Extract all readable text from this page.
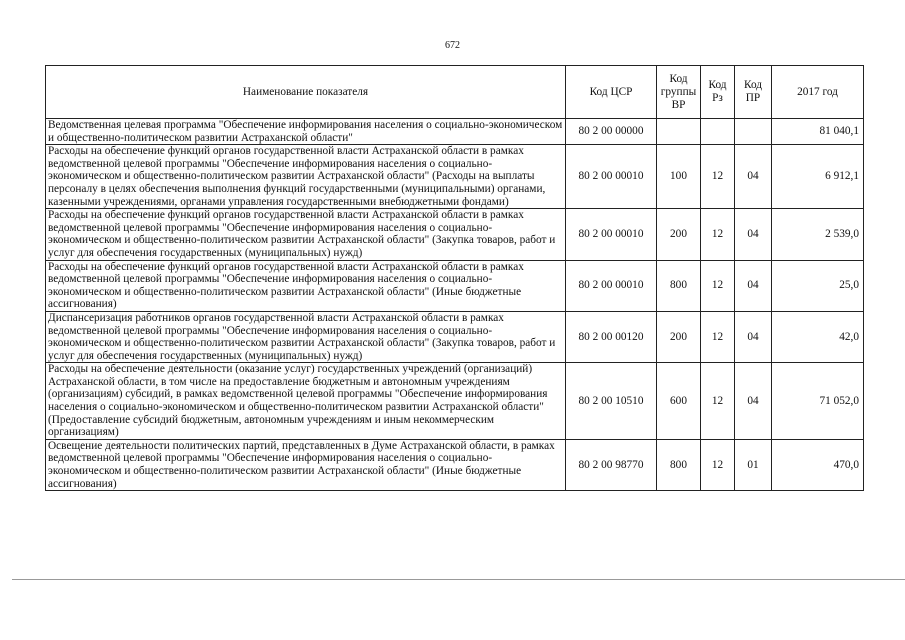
672
Наименование показателя	Код ЦСР	Код группы ВР	Код Рз	Код ПР	2017 год
Ведомственная целевая программа "Обеспечение информирования населения о социально-экономическом и общественно-политическом развитии Астраханской области"	80 2 00 00000				81 040,1
Расходы на обеспечение функций органов государственной власти Астраханской области в рамках ведомственной целевой программы "Обеспечение информирования населения о социально-экономическом и общественно-политическом развитии Астраханской области" (Расходы на выплаты персоналу в целях обеспечения выполнения функций государственными (муниципальными) органами, казенными учреждениями, органами управления государственными внебюджетными фондами)	80 2 00 00010	100	12	04	6 912,1
Расходы на обеспечение функций органов государственной власти Астраханской области в рамках ведомственной целевой программы "Обеспечение информирования населения о социально-экономическом и общественно-политическом развитии Астраханской области" (Закупка товаров, работ и услуг для обеспечения государственных (муниципальных) нужд)	80 2 00 00010	200	12	04	2 539,0
Расходы на обеспечение функций органов государственной власти Астраханской области в рамках ведомственной целевой программы "Обеспечение информирования населения о социально-экономическом и общественно-политическом развитии Астраханской области" (Иные бюджетные ассигнования)	80 2 00 00010	800	12	04	25,0
Диспансеризация работников органов государственной власти Астраханской области в рамках ведомственной целевой программы "Обеспечение информирования населения о социально-экономическом и общественно-политическом развитии Астраханской области" (Закупка товаров, работ и услуг для обеспечения государственных (муниципальных) нужд)	80 2 00 00120	200	12	04	42,0
Расходы на обеспечение деятельности (оказание услуг) государственных учреждений (организаций) Астраханской области, в том числе на предоставление бюджетным и автономным учреждениям (организациям) субсидий, в рамках ведомственной целевой программы "Обеспечение информирования населения о социально-экономическом и общественно-политическом развитии Астраханской области" (Предоставление субсидий бюджетным, автономным учреждениям и иным некоммерческим организациям)	80 2 00 10510	600	12	04	71 052,0
Освещение деятельности политических партий, представленных в Думе Астраханской области, в рамках ведомственной целевой программы "Обеспечение информирования населения о социально-экономическом и общественно-политическом развитии Астраханской области" (Иные бюджетные ассигнования)	80 2 00 98770	800	12	01	470,0
